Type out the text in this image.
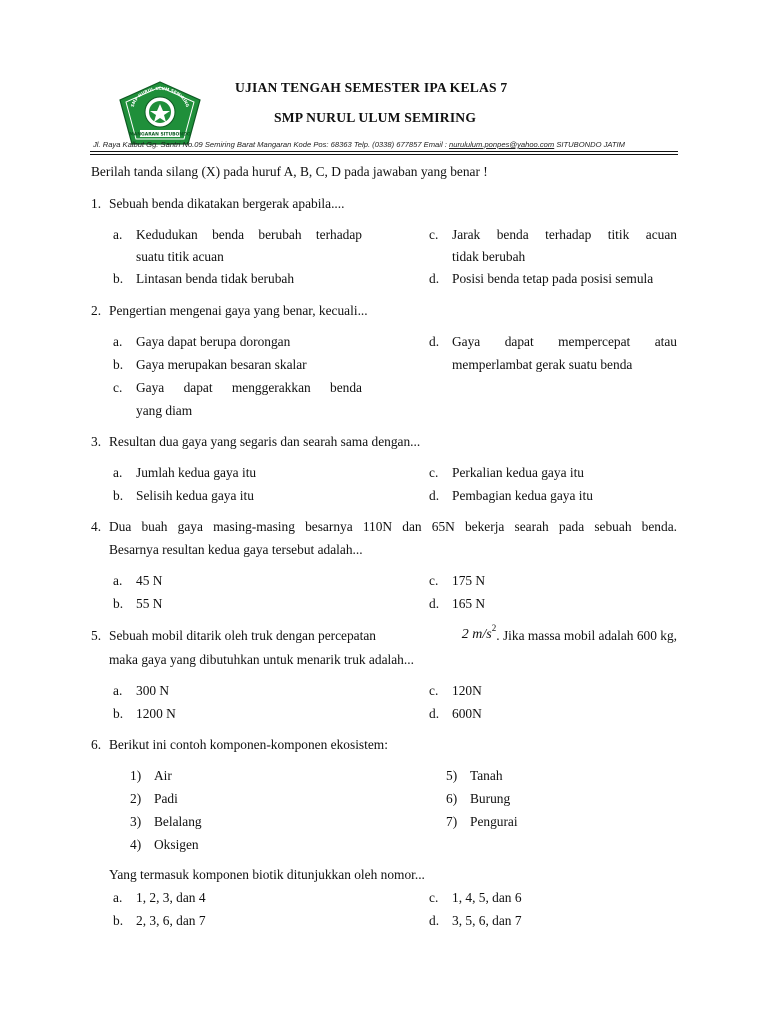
MANGARAN SITUBONDO
SMP NURUL ULUM SEMIRING
UJIAN TENGAH SEMESTER IPA KELAS 7
SMP NURUL ULUM SEMIRING
Jl. Raya Kalbut Gg. Santri No.09 Semiring Barat Mangaran Kode Pos: 68363 Telp. (0338) 677857 Email : nurululum.ponpes@yahoo.com SITUBONDO JATIM
Berilah tanda silang (X) pada huruf A, B, C, D pada jawaban yang benar !
1. Sebuah benda dikatakan bergerak apabila....
a. Kedudukan benda berubah terhadap
suatu titik acuan
b. Lintasan benda tidak berubah
c. Jarak benda terhadap titik acuan
tidak berubah
d. Posisi benda tetap pada posisi semula
2. Pengertian mengenai gaya yang benar, kecuali...
a. Gaya dapat berupa dorongan
b. Gaya merupakan besaran skalar
c. Gaya dapat menggerakkan benda
yang diam
d. Gaya dapat mempercepat atau
memperlambat gerak suatu benda
3. Resultan dua gaya yang segaris dan searah sama dengan...
a. Jumlah kedua gaya itu
b. Selisih kedua gaya itu
c. Perkalian kedua gaya itu
d. Pembagian kedua gaya itu
4. Dua buah gaya masing-masing besarnya 110N dan 65N bekerja searah pada sebuah benda.
Besarnya resultan kedua gaya tersebut adalah...
a. 45 N
b. 55 N
c. 175 N
d. 165 N
5. Sebuah mobil ditarik oleh truk dengan percepatan	2 $m/s^2$. Jika massa mobil adalah 600 kg,
maka gaya yang dibutuhkan untuk menarik truk adalah...
a. 300 N
b. 1200 N
c. 120N
d. 600N
6. Berikut ini contoh komponen-komponen ekosistem:
1) Air
2) Padi
3) Belalang
4) Oksigen
5) Tanah
6) Burung
7) Pengurai
Yang termasuk komponen biotik ditunjukkan oleh nomor...
a. 1, 2, 3, dan 4
b. 2, 3, 6, dan 7
c. 1, 4, 5, dan 6
d. 3, 5, 6, dan 7
